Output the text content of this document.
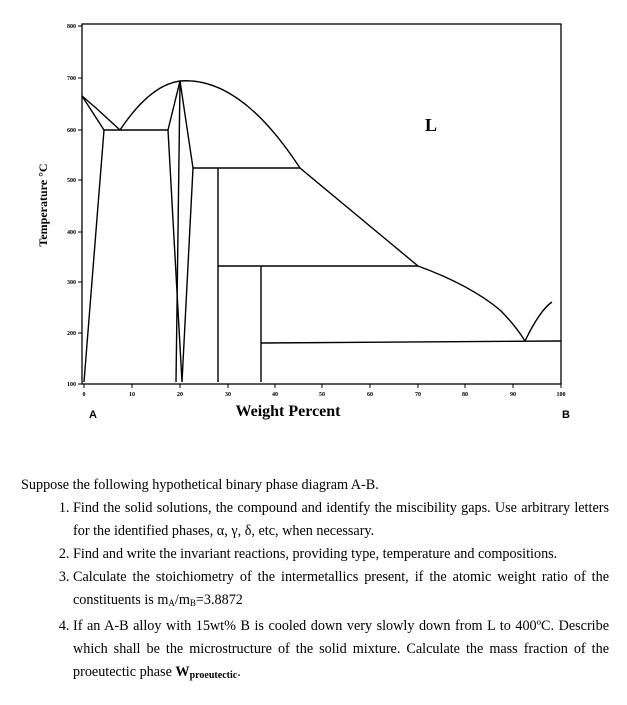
800
700
600
500
400
300
200
100
0	10	20	30	40	50	60	70	80	90	100
Temperature °C
Weight Percent
A	B
L

Suppose the following hypothetical binary phase diagram A-B.

1. Find the solid solutions, the compound and identify the miscibility gaps. Use arbitrary letters for the identified phases, α, γ, δ, etc, when necessary.
2. Find and write the invariant reactions, providing type, temperature and compositions.
3. Calculate the stoichiometry of the intermetallics present, if the atomic weight ratio of the constituents is $m_A/m_B=3.8872$
4. If an A-B alloy with 15wt% B is cooled down very slowly down from L to 400ºC. Describe which shall be the microstructure of the solid mixture. Calculate the mass fraction of the proeutectic phase Wproeutectic.
